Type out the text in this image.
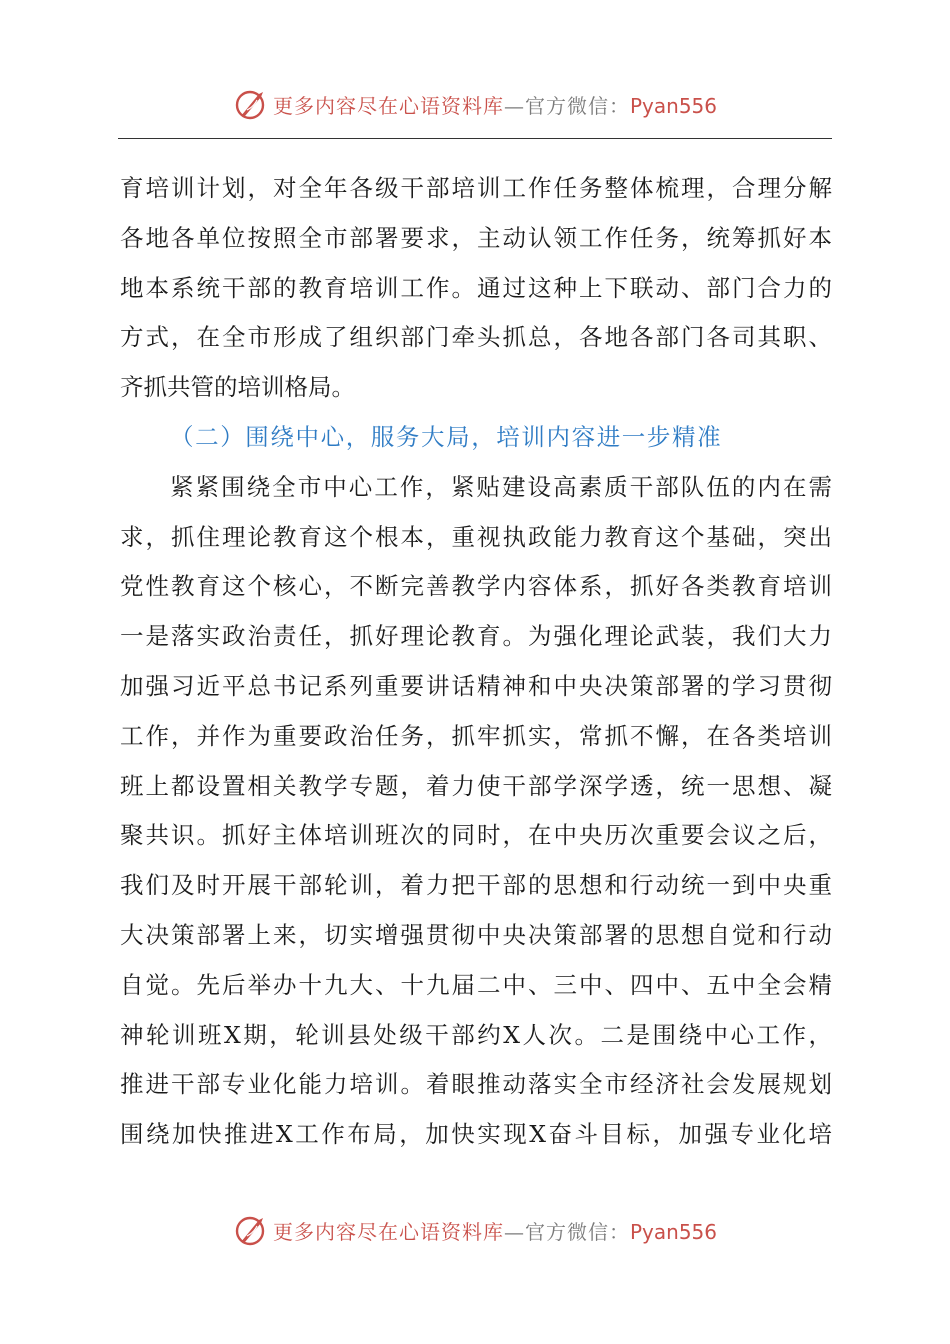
更多内容尽在心语资料库—官方微信：Pyan556
育培训计划，对全年各级干部培训工作任务整体梳理，合理分解
各地各单位按照全市部署要求，主动认领工作任务，统筹抓好本
地本系统干部的教育培训工作。通过这种上下联动、部门合力的
方式，在全市形成了组织部门牵头抓总，各地各部门各司其职、
齐抓共管的培训格局。
（二）围绕中心，服务大局，培训内容进一步精准
紧紧围绕全市中心工作，紧贴建设高素质干部队伍的内在需
求，抓住理论教育这个根本，重视执政能力教育这个基础，突出
党性教育这个核心，不断完善教学内容体系，抓好各类教育培训
一是落实政治责任，抓好理论教育。为强化理论武装，我们大力
加强习近平总书记系列重要讲话精神和中央决策部署的学习贯彻
工作，并作为重要政治任务，抓牢抓实，常抓不懈，在各类培训
班上都设置相关教学专题，着力使干部学深学透，统一思想、凝
聚共识。抓好主体培训班次的同时，在中央历次重要会议之后，
我们及时开展干部轮训，着力把干部的思想和行动统一到中央重
大决策部署上来，切实增强贯彻中央决策部署的思想自觉和行动
自觉。先后举办十九大、十九届二中、三中、四中、五中全会精
神轮训班X期，轮训县处级干部约X人次。二是围绕中心工作，
推进干部专业化能力培训。着眼推动落实全市经济社会发展规划
围绕加快推进X工作布局，加快实现X奋斗目标，加强专业化培
更多内容尽在心语资料库—官方微信：Pyan556
